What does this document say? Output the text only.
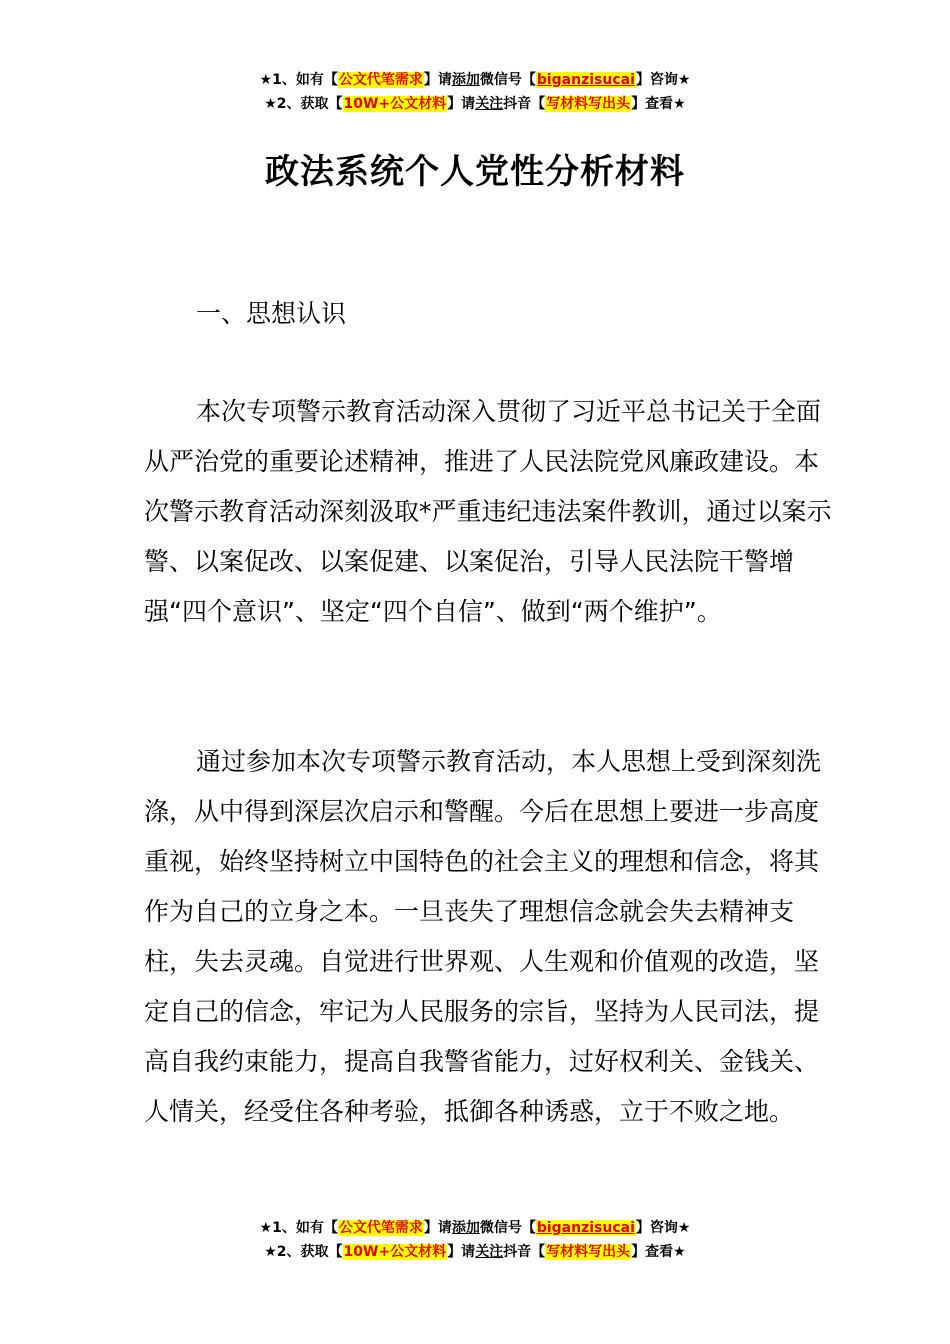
★1、如有【公文代笔需求】请添加微信号【biganzisucai】咨询★
★2、获取【10W+公文材料】请关注抖音【写材料写出头】查看★
政法系统个人党性分析材料
一、思想认识

本次专项警示教育活动深入贯彻了习近平总书记关于全面从严治党的重要论述精神，推进了人民法院党风廉政建设。本次警示教育活动深刻汲取*严重违纪违法案件教训，通过以案示警、以案促改、以案促建、以案促治，引导人民法院干警增强“四个意识”、坚定“四个自信”、做到“两个维护”。

通过参加本次专项警示教育活动，本人思想上受到深刻洗涤，从中得到深层次启示和警醒。今后在思想上要进一步高度重视，始终坚持树立中国特色的社会主义的理想和信念，将其作为自己的立身之本。一旦丧失了理想信念就会失去精神支柱，失去灵魂。自觉进行世界观、人生观和价值观的改造，坚定自己的信念，牢记为人民服务的宗旨，坚持为人民司法，提高自我约束能力，提高自我警省能力，过好权利关、金钱关、人情关，经受住各种考验，抵御各种诱惑，立于不败之地。

★1、如有【公文代笔需求】请添加微信号【biganzisucai】咨询★
★2、获取【10W+公文材料】请关注抖音【写材料写出头】查看★
